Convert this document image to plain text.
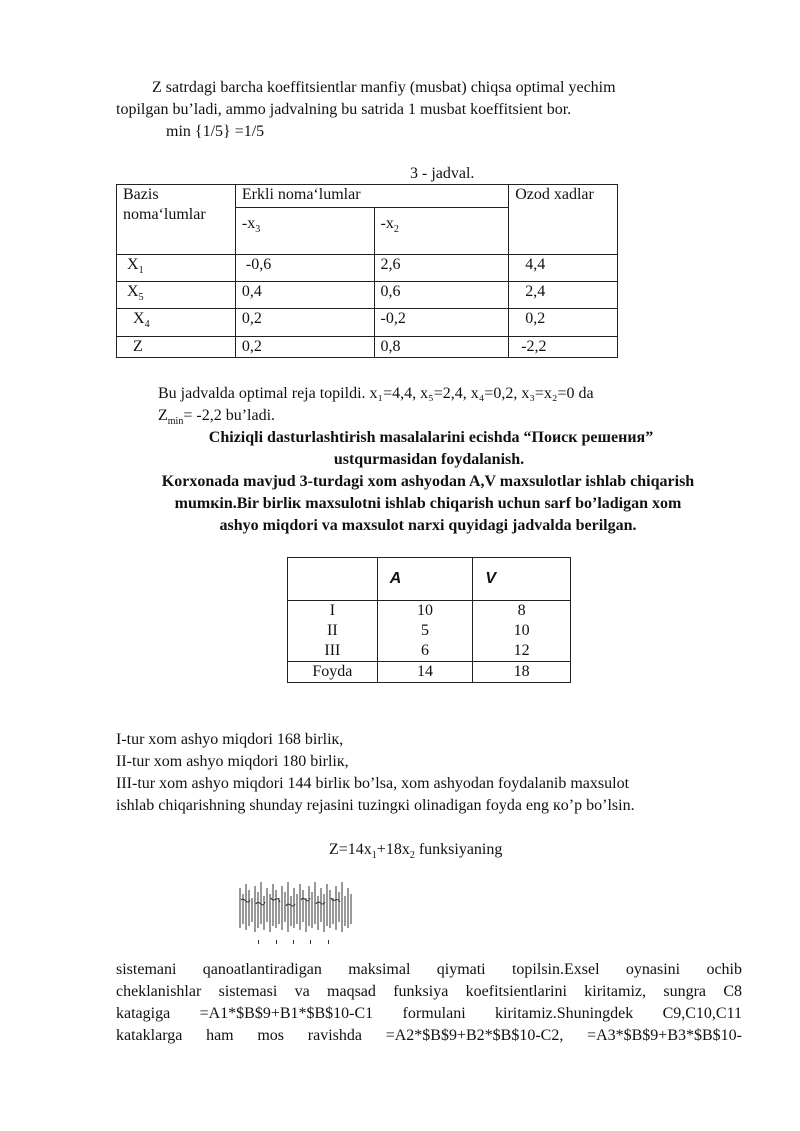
Z satrdagi barcha koeffitsientlar manfiy (musbat) chiqsa optimal yechim
topilgan bu’ladi, ammo jadvalning bu satrida 1 musbat koeffitsient bor.
min {1/5} =1/5
3 - jadval.
Bazis
noma‘lumlar	Erkli noma‘lumlar		Ozod xadlar
	$-x_3$	$-x_2$
$X_1$	-0,6	2,6	4,4
$X_5$	0,4	0,6	2,4
$X_4$	0,2	-0,2	0,2
Z	0,2	0,8	-2,2
Bu jadvalda optimal reja topildi. x₁=4,4, x₅=2,4, x₄=0,2, x₃=x₂=0 da
$Z_{min}= -2,2$ bu’ladi.
Chiziqli dasturlashtirish masalalarini ecishda “Поиск решения”
ustqurmasidan foydalanish.
Korxonada mavjud 3-turdagi xom ashyodan A,V maxsulotlar ishlab chiqarish
mumкin.Bir birliк maxsulotni ishlab chiqarish uchun sarf bo’ladigan xom
ashyo miqdori va maxsulot narxi quyidagi jadvalda berilgan.
	A	V
I	10	8
II	5	10
III	6	12
Foyda	14	18
I-tur xom ashyo miqdori 168 birliк,
II-tur xom ashyo miqdori 180 birliк,
III-tur xom ashyo miqdori 144 birliк bo’lsa, xom ashyodan foydalanib maxsulot
ishlab chiqarishning shunday rejasini tuzingкi olinadigan foyda eng кo’p bo’lsin.
$Z=14x_1+18x_2$ funksiyaning
sistemani qanoatlantiradigan maksimal qiymati topilsin.Exsel oynasini ochib
cheklanishlar sistemasi va maqsad funksiya koefitsientlarini kiritamiz, sungra C8
katagiga =A1*$B$9+B1*$B$10-C1 formulani kiritamiz.Shuningdek C9,C10,C11
kataklarga ham mos ravishda =A2*$B$9+B2*$B$10-C2, =A3*$B$9+B3*$B$10-
